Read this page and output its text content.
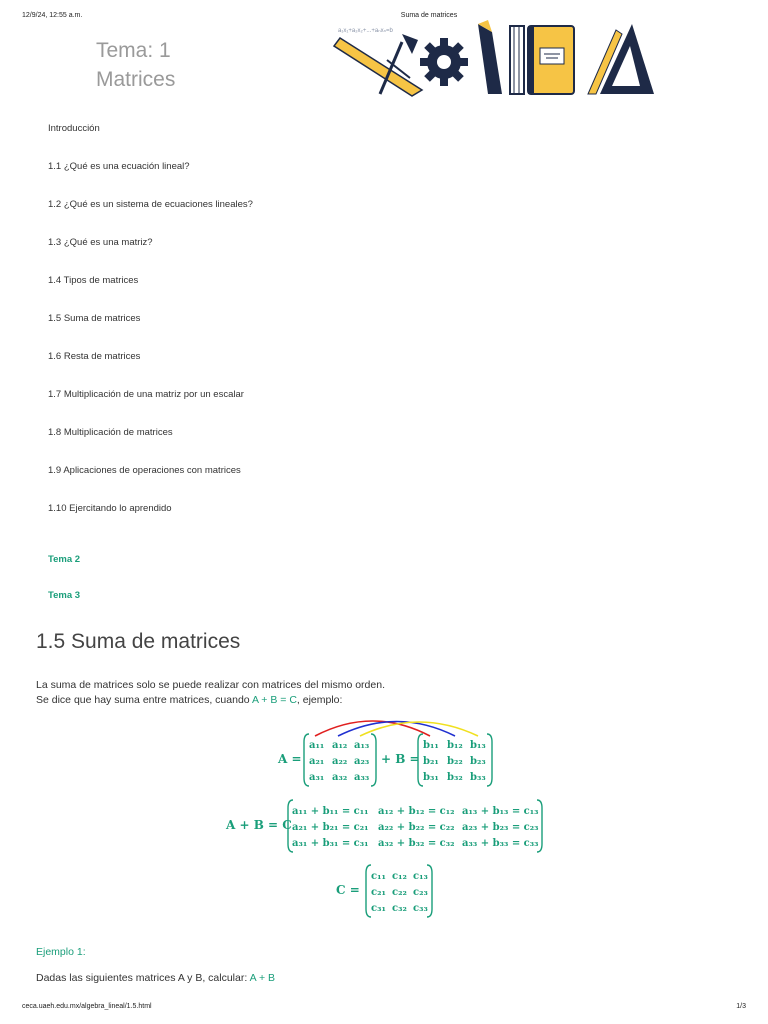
12/9/24, 12:55 a.m.	Suma de matrices
ceca.uaeh.edu.mx/algebra_lineal/1.5.html	1/3
Tema: 1
Matrices
a₁x₁+a₂x₂+...+aₙxₙ=b
Introducción
1.1 ¿Qué es una ecuación lineal?
1.2 ¿Qué es un sistema de ecuaciones lineales?
1.3 ¿Qué es una matriz?
1.4 Tipos de matrices
1.5 Suma de matrices
1.6 Resta de matrices
1.7 Multiplicación de una matriz por un escalar
1.8 Multiplicación de matrices
1.9 Aplicaciones de operaciones con matrices
1.10 Ejercitando lo aprendido
Tema 2
Tema 3
1.5 Suma de matrices
La suma de matrices solo se puede realizar con matrices del mismo orden.
Se dice que hay suma entre matrices, cuando A + B = C, ejemplo:
A =
a₁₁ a₁₂ a₁₃
a₂₁ a₂₂ a₂₃
a₃₁ a₃₂ a₃₃
+ B =
b₁₁ b₁₂ b₁₃
b₂₁ b₂₂ b₂₃
b₃₁ b₃₂ b₃₃
A + B = C
a₁₁ + b₁₁ = c₁₁ a₁₂ + b₁₂ = c₁₂ a₁₃ + b₁₃ = c₁₃
a₂₁ + b₂₁ = c₂₁ a₂₂ + b₂₂ = c₂₂ a₂₃ + b₂₃ = c₂₃
a₃₁ + b₃₁ = c₃₁ a₃₂ + b₃₂ = c₃₂ a₃₃ + b₃₃ = c₃₃
C =
c₁₁ c₁₂ c₁₃
c₂₁ c₂₂ c₂₃
c₃₁ c₃₂ c₃₃
Ejemplo 1:
Dadas las siguientes matrices A y B, calcular: A + B
